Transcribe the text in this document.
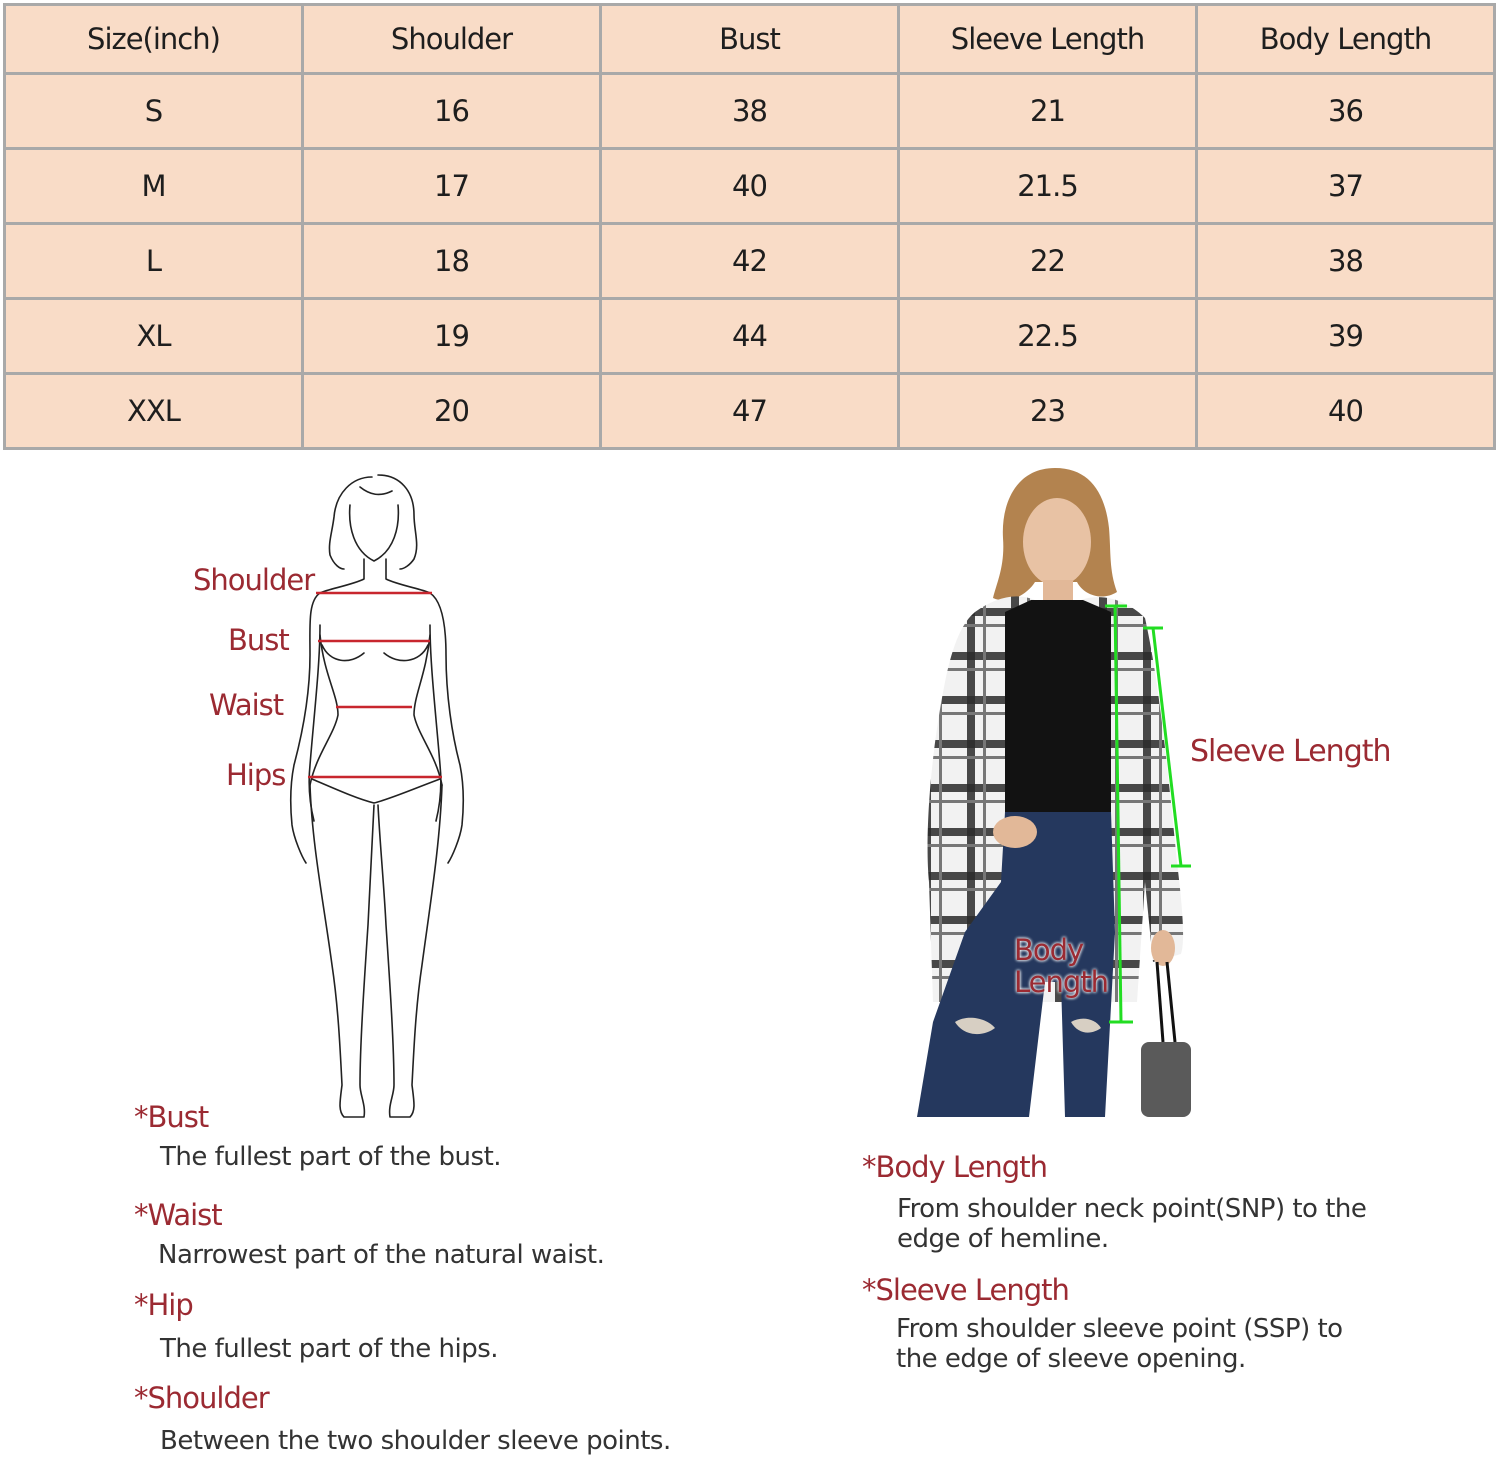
Size(inch)	Shoulder	Bust	Sleeve Length	Body Length
S	16	38	21	36
M	17	40	21.5	37
L	18	42	22	38
XL	19	44	22.5	39
XXL	20	47	23	40
Shoulder
Bust
Waist
Hips
Sleeve Length
Body
Length
*Bust
The fullest part of the bust.
*Waist
Narrowest part of the natural waist.
*Hip
The fullest part of the hips.
*Shoulder
Between the two shoulder sleeve points.
*Body Length
From shoulder neck point(SNP) to the edge of hemline.
*Sleeve Length
From shoulder sleeve point (SSP) to the edge of sleeve opening.
